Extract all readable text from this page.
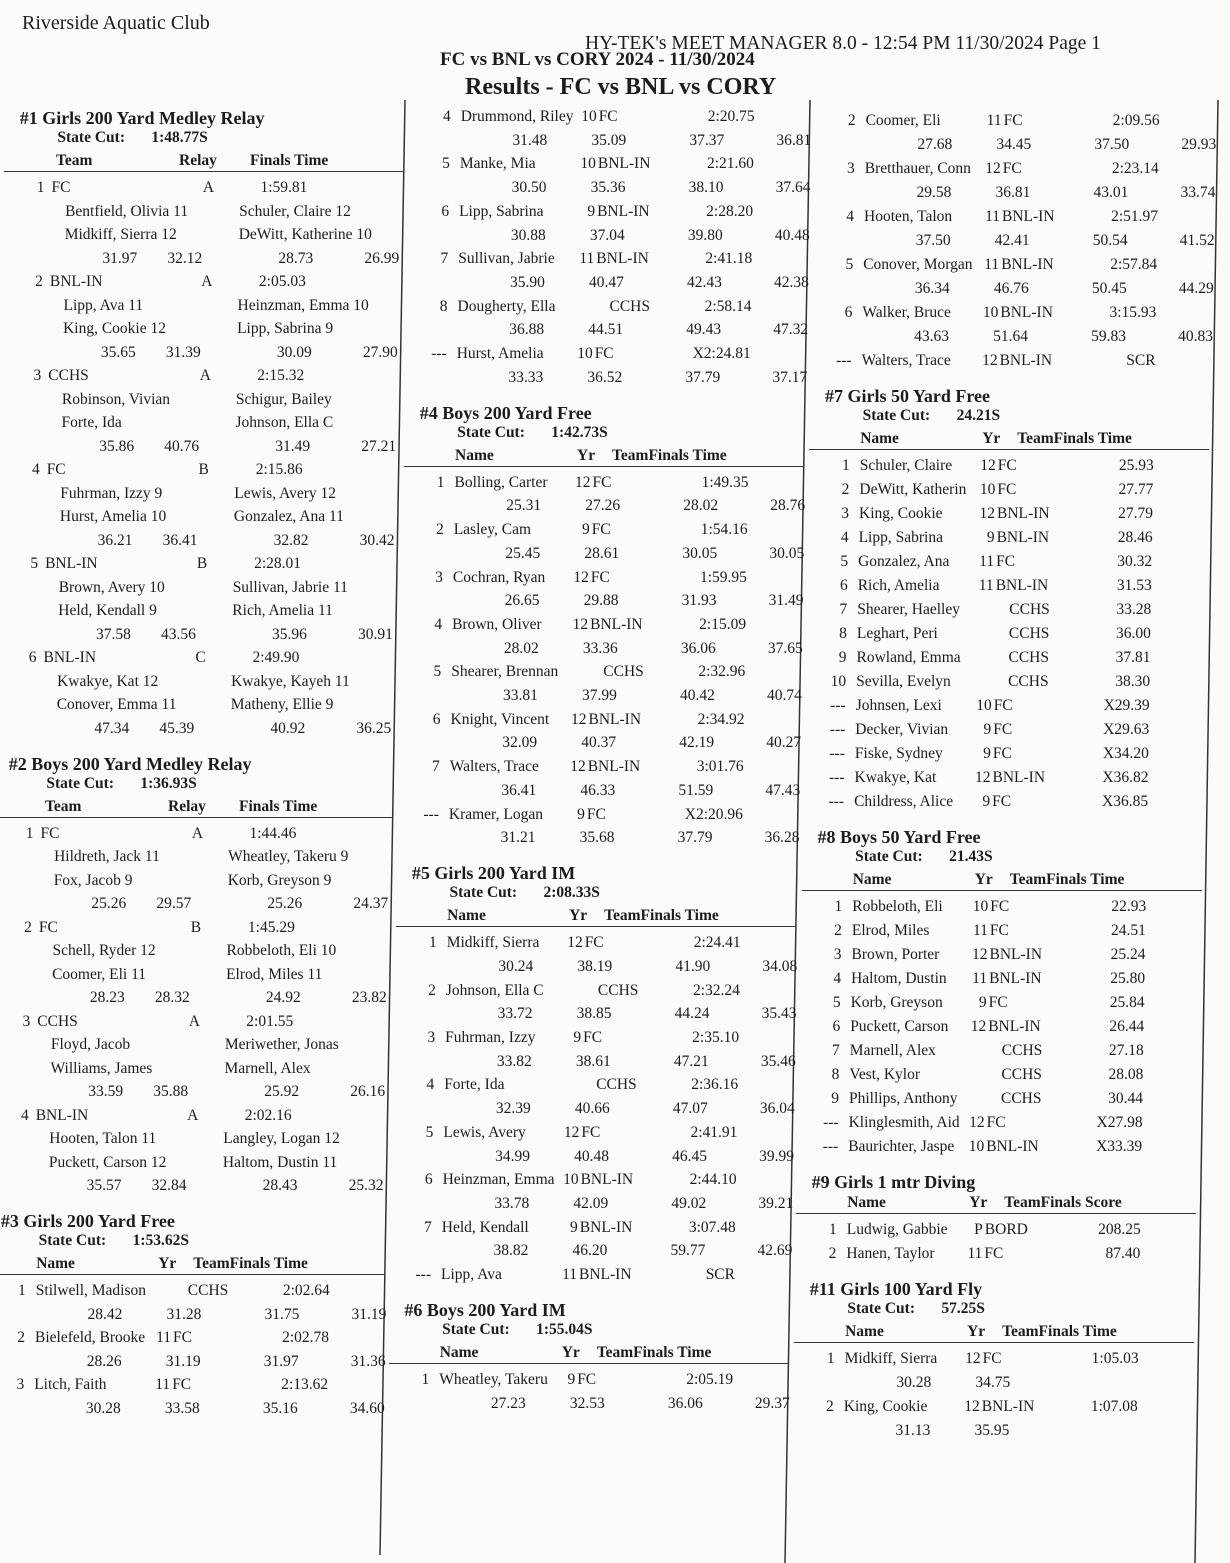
Riverside Aquatic Club
HY-TEK's MEET MANAGER 8.0 - 12:54 PM 11/30/2024 Page 1
FC vs BNL vs CORY 2024 - 11/30/2024
Results - FC vs BNL vs CORY
#1 Girls 200 Yard Medley Relay
State Cut: 1:48.77S
Team	Relay Finals Time
1 FC	A	1:59.81
Bentfield, Olivia 11	Schuler, Claire 12
Midkiff, Sierra 12	DeWitt, Katherine 10
31.97 32.12	28.73	26.99
2 BNL-IN	A	2:05.03
Lipp, Ava 11	Heinzman, Emma 10
King, Cookie 12	Lipp, Sabrina 9
35.65 31.39	30.09	27.90
3 CCHS	A	2:15.32
Robinson, Vivian	Schigur, Bailey
Forte, Ida	Johnson, Ella C
35.86 40.76	31.49	27.21
4 FC	B	2:15.86
Fuhrman, Izzy 9	Lewis, Avery 12
Hurst, Amelia 10	Gonzalez, Ana 11
36.21 36.41	32.82	30.42
5 BNL-IN	B	2:28.01
Brown, Avery 10	Sullivan, Jabrie 11
Held, Kendall 9	Rich, Amelia 11
37.58 43.56	35.96	30.91
6 BNL-IN	C	2:49.90
Kwakye, Kat 12	Kwakye, Kayeh 11
Conover, Emma 11	Matheny, Ellie 9
47.34 45.39	40.92	36.25
#2 Boys 200 Yard Medley Relay
State Cut: 1:36.93S
Team	Relay Finals Time
1 FC	A	1:44.46
Hildreth, Jack 11	Wheatley, Takeru 9
Fox, Jacob 9	Korb, Greyson 9
25.26 29.57	25.26	24.37
2 FC	B	1:45.29
Schell, Ryder 12	Robbeloth, Eli 10
Coomer, Eli 11	Elrod, Miles 11
28.23 28.32	24.92	23.82
3 CCHS	A	2:01.55
Floyd, Jacob	Meriwether, Jonas
Williams, James	Marnell, Alex
33.59 35.88	25.92	26.16
4 BNL-IN	A	2:02.16
Hooten, Talon 11	Langley, Logan 12
Puckett, Carson 12	Haltom, Dustin 11
35.57 32.84	28.43	25.32
#3 Girls 200 Yard Free
State Cut: 1:53.62S
Name	Yr TeamFinals Time
1 Stilwell, Madison	CCHS	2:02.64
28.42	31.28	31.75	31.19
2 Bielefeld, Brooke 11 FC	2:02.78
28.26	31.19	31.97	31.36
3 Litch, Faith	11 FC	2:13.62
30.28	33.58	35.16	34.60
4 Drummond, Riley 10 FC	2:20.75
31.48	35.09	37.37	36.81
5 Manke, Mia	10 BNL-IN	2:21.60
30.50	35.36	38.10	37.64
6 Lipp, Sabrina	9 BNL-IN	2:28.20
30.88	37.04	39.80	40.48
7 Sullivan, Jabrie 11 BNL-IN	2:41.18
35.90	40.47	42.43	42.38
8 Dougherty, Ella	CCHS	2:58.14
36.88	44.51	49.43	47.32
--- Hurst, Amelia 10 FC	X2:24.81
33.33	36.52	37.79	37.17
#4 Boys 200 Yard Free
State Cut: 1:42.73S
Name	Yr TeamFinals Time
1 Bolling, Carter 12 FC	1:49.35
25.31	27.26	28.02	28.76
2 Lasley, Cam	9 FC	1:54.16
25.45	28.61	30.05	30.05
3 Cochran, Ryan 12 FC	1:59.95
26.65	29.88	31.93	31.49
4 Brown, Oliver 12 BNL-IN	2:15.09
28.02	33.36	36.06	37.65
5 Shearer, Brennan	CCHS	2:32.96
33.81	37.99	40.42	40.74
6 Knight, Vincent 12 BNL-IN	2:34.92
32.09	40.37	42.19	40.27
7 Walters, Trace 12 BNL-IN	3:01.76
36.41	46.33	51.59	47.43
--- Kramer, Logan 9 FC	X2:20.96
31.21	35.68	37.79	36.28
#5 Girls 200 Yard IM
State Cut: 2:08.33S
Name	Yr TeamFinals Time
1 Midkiff, Sierra 12 FC	2:24.41
30.24	38.19	41.90	34.08
2 Johnson, Ella C	CCHS	2:32.24
33.72	38.85	44.24	35.43
3 Fuhrman, Izzy 9 FC	2:35.10
33.82	38.61	47.21	35.46
4 Forte, Ida	CCHS	2:36.16
32.39	40.66	47.07	36.04
5 Lewis, Avery 12 FC	2:41.91
34.99	40.48	46.45	39.99
6 Heinzman, Emma 10 BNL-IN	2:44.10
33.78	42.09	49.02	39.21
7 Held, Kendall	9 BNL-IN	3:07.48
38.82	46.20	59.77	42.69
--- Lipp, Ava	11 BNL-IN	SCR
#6 Boys 200 Yard IM
State Cut: 1:55.04S
Name	Yr TeamFinals Time
1 Wheatley, Takeru 9 FC	2:05.19
27.23	32.53	36.06	29.37
2 Coomer, Eli	11 FC	2:09.56
27.68	34.45	37.50	29.93
3 Bretthauer, Conn 12 FC	2:23.14
29.58	36.81	43.01	33.74
4 Hooten, Talon 11 BNL-IN	2:51.97
37.50	42.41	50.54	41.52
5 Conover, Morgan 11 BNL-IN	2:57.84
36.34	46.76	50.45	44.29
6 Walker, Bruce 10 BNL-IN	3:15.93
43.63	51.64	59.83	40.83
--- Walters, Trace 12 BNL-IN	SCR
#7 Girls 50 Yard Free
State Cut: 24.21S
Name	Yr TeamFinals Time
1 Schuler, Claire 12 FC	25.93
2 DeWitt, Katherin 10 FC	27.77
3 King, Cookie 12 BNL-IN	27.79
4 Lipp, Sabrina	9 BNL-IN	28.46
5 Gonzalez, Ana 11 FC	30.32
6 Rich, Amelia	11 BNL-IN	31.53
7 Shearer, Haelley	CCHS	33.28
8 Leghart, Peri	CCHS	36.00
9 Rowland, Emma	CCHS	37.81
10 Sevilla, Evelyn	CCHS	38.30
--- Johnsen, Lexi 10 FC	X29.39
--- Decker, Vivian 9 FC	X29.63
--- Fiske, Sydney	9 FC	X34.20
--- Kwakye, Kat 12 BNL-IN	X36.82
--- Childress, Alice 9 FC	X36.85
#8 Boys 50 Yard Free
State Cut: 21.43S
Name	Yr TeamFinals Time
1 Robbeloth, Eli 10 FC	22.93
2 Elrod, Miles	11 FC	24.51
3 Brown, Porter 12 BNL-IN	25.24
4 Haltom, Dustin 11 BNL-IN	25.80
5 Korb, Greyson 9 FC	25.84
6 Puckett, Carson 12 BNL-IN	26.44
7 Marnell, Alex	CCHS	27.18
8 Vest, Kylor	CCHS	28.08
9 Phillips, Anthony	CCHS	30.44
--- Klinglesmith, Aid 12 FC	X27.98
--- Baurichter, Jaspe 10 BNL-IN	X33.39
#9 Girls 1 mtr Diving
Name	Yr TeamFinals Score
1 Ludwig, Gabbie P BORD	208.25
2 Hanen, Taylor 11 FC	87.40
#11 Girls 100 Yard Fly
State Cut: 57.25S
Name	Yr TeamFinals Time
1 Midkiff, Sierra 12 FC	1:05.03
30.28	34.75
2 King, Cookie 12 BNL-IN	1:07.08
31.13	35.95
